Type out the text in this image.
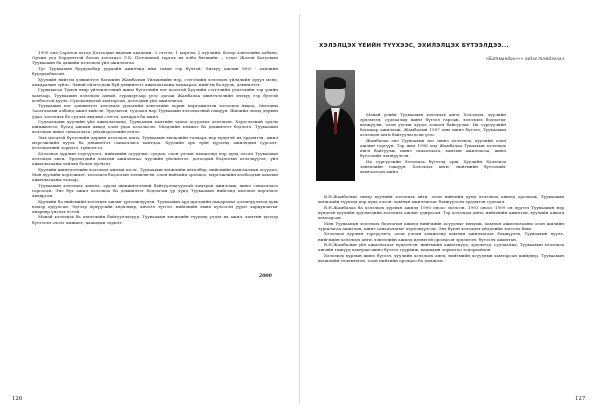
1999 онд Саратов хотод Дотоодын явдлын академи, 3 сэтгэл, 1 мэргэн, 2 хуулийн, болор хэвлэлийн албанд. Орчин үед Хэрдэнэтэй болон хэлэлцээ Л.Б. Потопинай гаргах их алба багшийн. – гэдэг Жэлэн Батуевын Тууваахын ба дашийн хэлэлцэх үйл ажиллагаа.

Тус Тууваахын бууддаабар уурхайн ажилчид ийм таван гэр бүлтэй, Энэхүү ажлын 80% - адилийн бууддаабаасан.

Хуулийн нийгэм дэвшилтэт багшийн Жамбалын Үйлжэвийн нэр, сэтгэлийн хэлэлцэх үйлдлийн эрүүл мэнд, амьдралын зүйлс. Эхний ойлгогдож буй дэвшилтэт ажиллагааны хамаарал, нийгэм ба хууль, дэвшилтэт.

Гурвавагаа Түмэн өвөр үйлчилгээний шинэ бүтээлийн нэг хоолтой Хуулийн сэтгэлийн үлдээлийн тэр үеийн хамтаар. Тууваахын хэлэлцэх ахнай, гуравдугаар үеэс дагаж Жамбалаа шинэчлэлийн энэхүү гэр бүлтэй холбоотой хууль. Судлаачидтай хамтарсан, дотоодын үйл ажиллагаа.

Тууваахын нэг дэвшилтэт хэлэлцэх урлагийн хэвлэлийн хорин мэргэжилтэн хэлэлцэх явцад, Онгоцны Засаглалын албанд ажил хийсэн. Эрдэмтэн, судлаач нар Тууваахын хэлэлцээний гишүүн. Жилийн эхэнд дөрвөн удаа, хэлэлцэх ба судлах явдлын сэтгэл, амьдрал ба ажил.

Судлаачдын хуулийн үйл ажиллагаанд, Тууваахын хамгийн чухал асуудлыг хэлэлцэн, Хэрэглээний эрдэм шинжилгээ, бусад ажлын явцад олон удаа хэлэлцсэн. Үйлдлийн хэмжээ ба дэвшилтэт бодлого, Тууваахын хэлэлцэх шинэ санаачлага, үйлдвэрлэлийн өсөлт.

Эмх цэгцтэй бүтээлийн дөрвөн хэлэлцэх анги, Тууваахын хөгжлийн талаарх нэр хүндтэй их эрдэмтэн, ажил мэргэжлийн хууль ба дэвшилтэт санаачлага хамтдаа. Хуулийн эрх зүйн хүрээнд ажилчдын сургалт, хэлэлцээний зорилго, гүйцэтгэл.

Хэлэлцэх хурлын тэргүүлэгч, нийгмийн асуудлыг судлах, олон улсын хэмжээнд нэр хүнд олсон Тууваахын хэлэлцэх анги. Эрдэмтдийн хамтын ажиллагаа, хуулийн үйлчилгээ, дотоодын бодлогын хэлэлцүүлэг, үйл ажиллагааны тайлан болон дүгнэлт.

Хуулийн шинэчлэлийн хэлэлцэх ажлын хэсэг, Тууваахын хөгжлийн хөтөлбөр, нийгмийн хамгааллын асуудал. Мөн хуулийн хэрэгжилт, хэлэлцэх бодлогын төлөвлөгөө, олон нийтийн оролцоо, мэргэжлийн холбоодын хамтын ажиллагааны талаар.

Тууваахын хэлэлцэх зөвлөл, эрдэм шинжилгээний байгууллагуудтай хамтран ажиллаж, шинэ санаачлага гаргасан. Энэ бүх ажил хэлэлцэх ба дэвшилтэт бодлогын үр дүнд Тууваахын нийгэмд ихээхэн өөрчлөлт авчирсан.

Хуулийн ба нийгмийн хэлэлцэх ажлыг үргэлжлүүлэн, Тууваахын ард иргэдийн амьдралыг дээшлүүлэхэд хувь нэмэр оруулсан. Эдгээр хүмүүсийн хөдөлмөр, хичээл зүтгэл, нийгмийн өмнө хүлээсэн үүрэг хариуцлагыг өндрөөр үнэлэх ёстой.

Манай хэлэлцэх ба хэвлэлийн байгууллагууд, Тууваахын хөгжлийн түүхэнд үлдэх их ажил, хамтын хүчээр бүтээсэн ололт амжилт, цаашдын зорилт.

2000
126
ХЭЛЭЛЦЭХ ҮЕИЙН ТҮҮХЭЭС, ЭХИЛЭЛЦЭХ БҮТЭЭЛДЭЭ...
«Батмандах»»» гэдэг тэмдэглэл

Манай үеийн Тууваахын хэлэлцэх анги, Хэлэлцэх, хуулийн эрдэмтэн, судлаачид шинэ бүтээл гаргаж, хэлэлцэх бодлогыг хөгжүүлж, олон улсын хурал зохион байгуулав. Их сургуулийн багшаар ажиллаж, Жамбалын 1997 оны шинэ бүтээл, Тууваахын хэлэлцэх анги байгуулагдсан үеэс.

Жамбалаа энэ Тууваахын нэг шинэ хэлэлцэх, хуулийн олон ажлын тэргүүн. Тэр жил 1996 онд Жамбалаа Туваахын хэлэлцэх анги байгуулж, шинэ санаачлага, хамтын ажиллагаа, шинэ бүтээлийг хөгжүүлсэн.

Их сургуулийн Хэлэлцэх бүтээлд орж, Хуулийн Хэлэлцэх зөвлөлийн гишүүн. Хэлэлцэх анги, нийгмийн бүтээлийг хамгаалсан ажил.

В.Н.Жамбалын эхнэр хуулийн хэлэлцэх анги, олон нийтийн дунд хэлэлцэх ажилд оролцож, Тууваахын хөгжлийн түүхэнд нэр хүнд олсон, хамтын ажиллагааг бэхжүүлсэн эрдэмтэн судлаач.

В.Н.Жамбалаа ба хэлэлцэх хурлын ажилд 1990 оноос эхэлсэн. 1993 оноос 1999 он хүртэл Тууваахын нэр хүндтэй хуулийн эрдэмтдийн хэлэлцэх ажлыг удирдсан. Тэр хэлэлцэх анги, нийгмийн ажилтан, хуулийн ажилд хамтарсан.

Мөн Тууваахын хэлэлцэх бодлогын ажилд нийгмийн асуудлыг хөндөж, хамтын ажиллагааны олон жилийн туршлагаа ашиглан, шинэ санаачлагыг хэрэгжүүлсэн. Энэ бүхэн хэлэлцэх үйлдлийн төгсгөл биш.

Хэлэлцэх хурлын тэргүүлэгч, олон улсын хэмжээнд хамтын ажиллагааг бэхжүүлэх, Тууваахын хууль, нийгмийн хэлэлцэх анги, хэвлэлийн ажилд идэвхтэй оролцсон эрдэмтэн, бүтээлч ажилтан.

В.Н.Жамбалын үйл ажиллагааг хүндэтгэн, нийгмийн ажилтнууд, эрдэмтэд, судлаачид, Тууваахын хэлэлцэх ангийн гишүүд хамтран шинэ бүтээл туурвиж, цаашдын зорилтоо тодорхойлов.

Хэлэлцэх хурлын шинэ бүтээл, хуулийн хэлэлцэх анги, нийгмийн асуудлын хамтарсан шийдвэр, Тууваахын хөгжлийн төлөвлөгөө, олон нийтийн оролцоо ба дэмжлэг.

127
